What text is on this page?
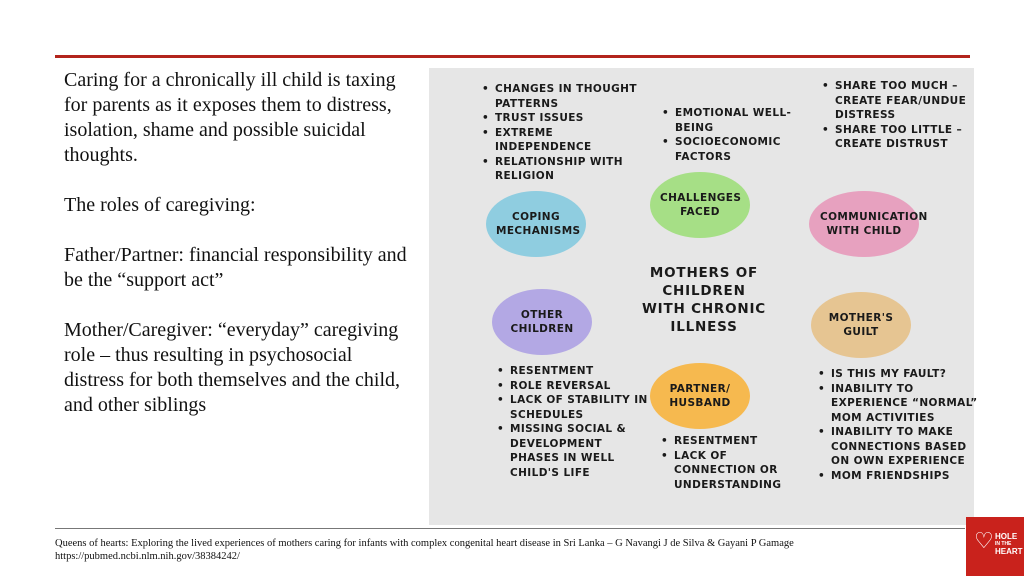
Caring for a chronically ill child is taxing for parents as it exposes them to distress, isolation, shame and possible suicidal thoughts.

The roles of caregiving:

Father/Partner: financial responsibility and be the “support act”

Mother/Caregiver: “everyday” caregiving role – thus resulting in psychosocial distress for both themselves and the child, and other siblings

• CHANGES IN THOUGHT PATTERNS
• TRUST ISSUES
• EXTREME INDEPENDENCE
• RELATIONSHIP WITH RELIGION
• EMOTIONAL WELL-BEING
• SOCIOECONOMIC FACTORS
• SHARE TOO MUCH – CREATE FEAR/UNDUE DISTRESS
• SHARE TOO LITTLE – CREATE DISTRUST
COPING MECHANISMS
CHALLENGES FACED	COMMUNICATION WITH CHILD
MOTHERS OF CHILDREN WITH CHRONIC ILLNESS
OTHER CHILDREN
MOTHER'S GUILT
PARTNER/ HUSBAND
• RESENTMENT
• ROLE REVERSAL
• LACK OF STABILITY IN SCHEDULES
• MISSING SOCIAL & DEVELOPMENT PHASES IN WELL CHILD'S LIFE
• RESENTMENT
• LACK OF CONNECTION OR UNDERSTANDING
• IS THIS MY FAULT?
• INABILITY TO EXPERIENCE “NORMAL” MOM ACTIVITIES
• INABILITY TO MAKE CONNECTIONS BASED ON OWN EXPERIENCE
• MOM FRIENDSHIPS
Queens of hearts: Exploring the lived experiences of mothers caring for infants with complex congenital heart disease in Sri Lanka – G Navangi J de Silva & Gayani P Gamage
https://pubmed.ncbi.nlm.nih.gov/38384242/
♡ HOLE
IN THE
HEART
